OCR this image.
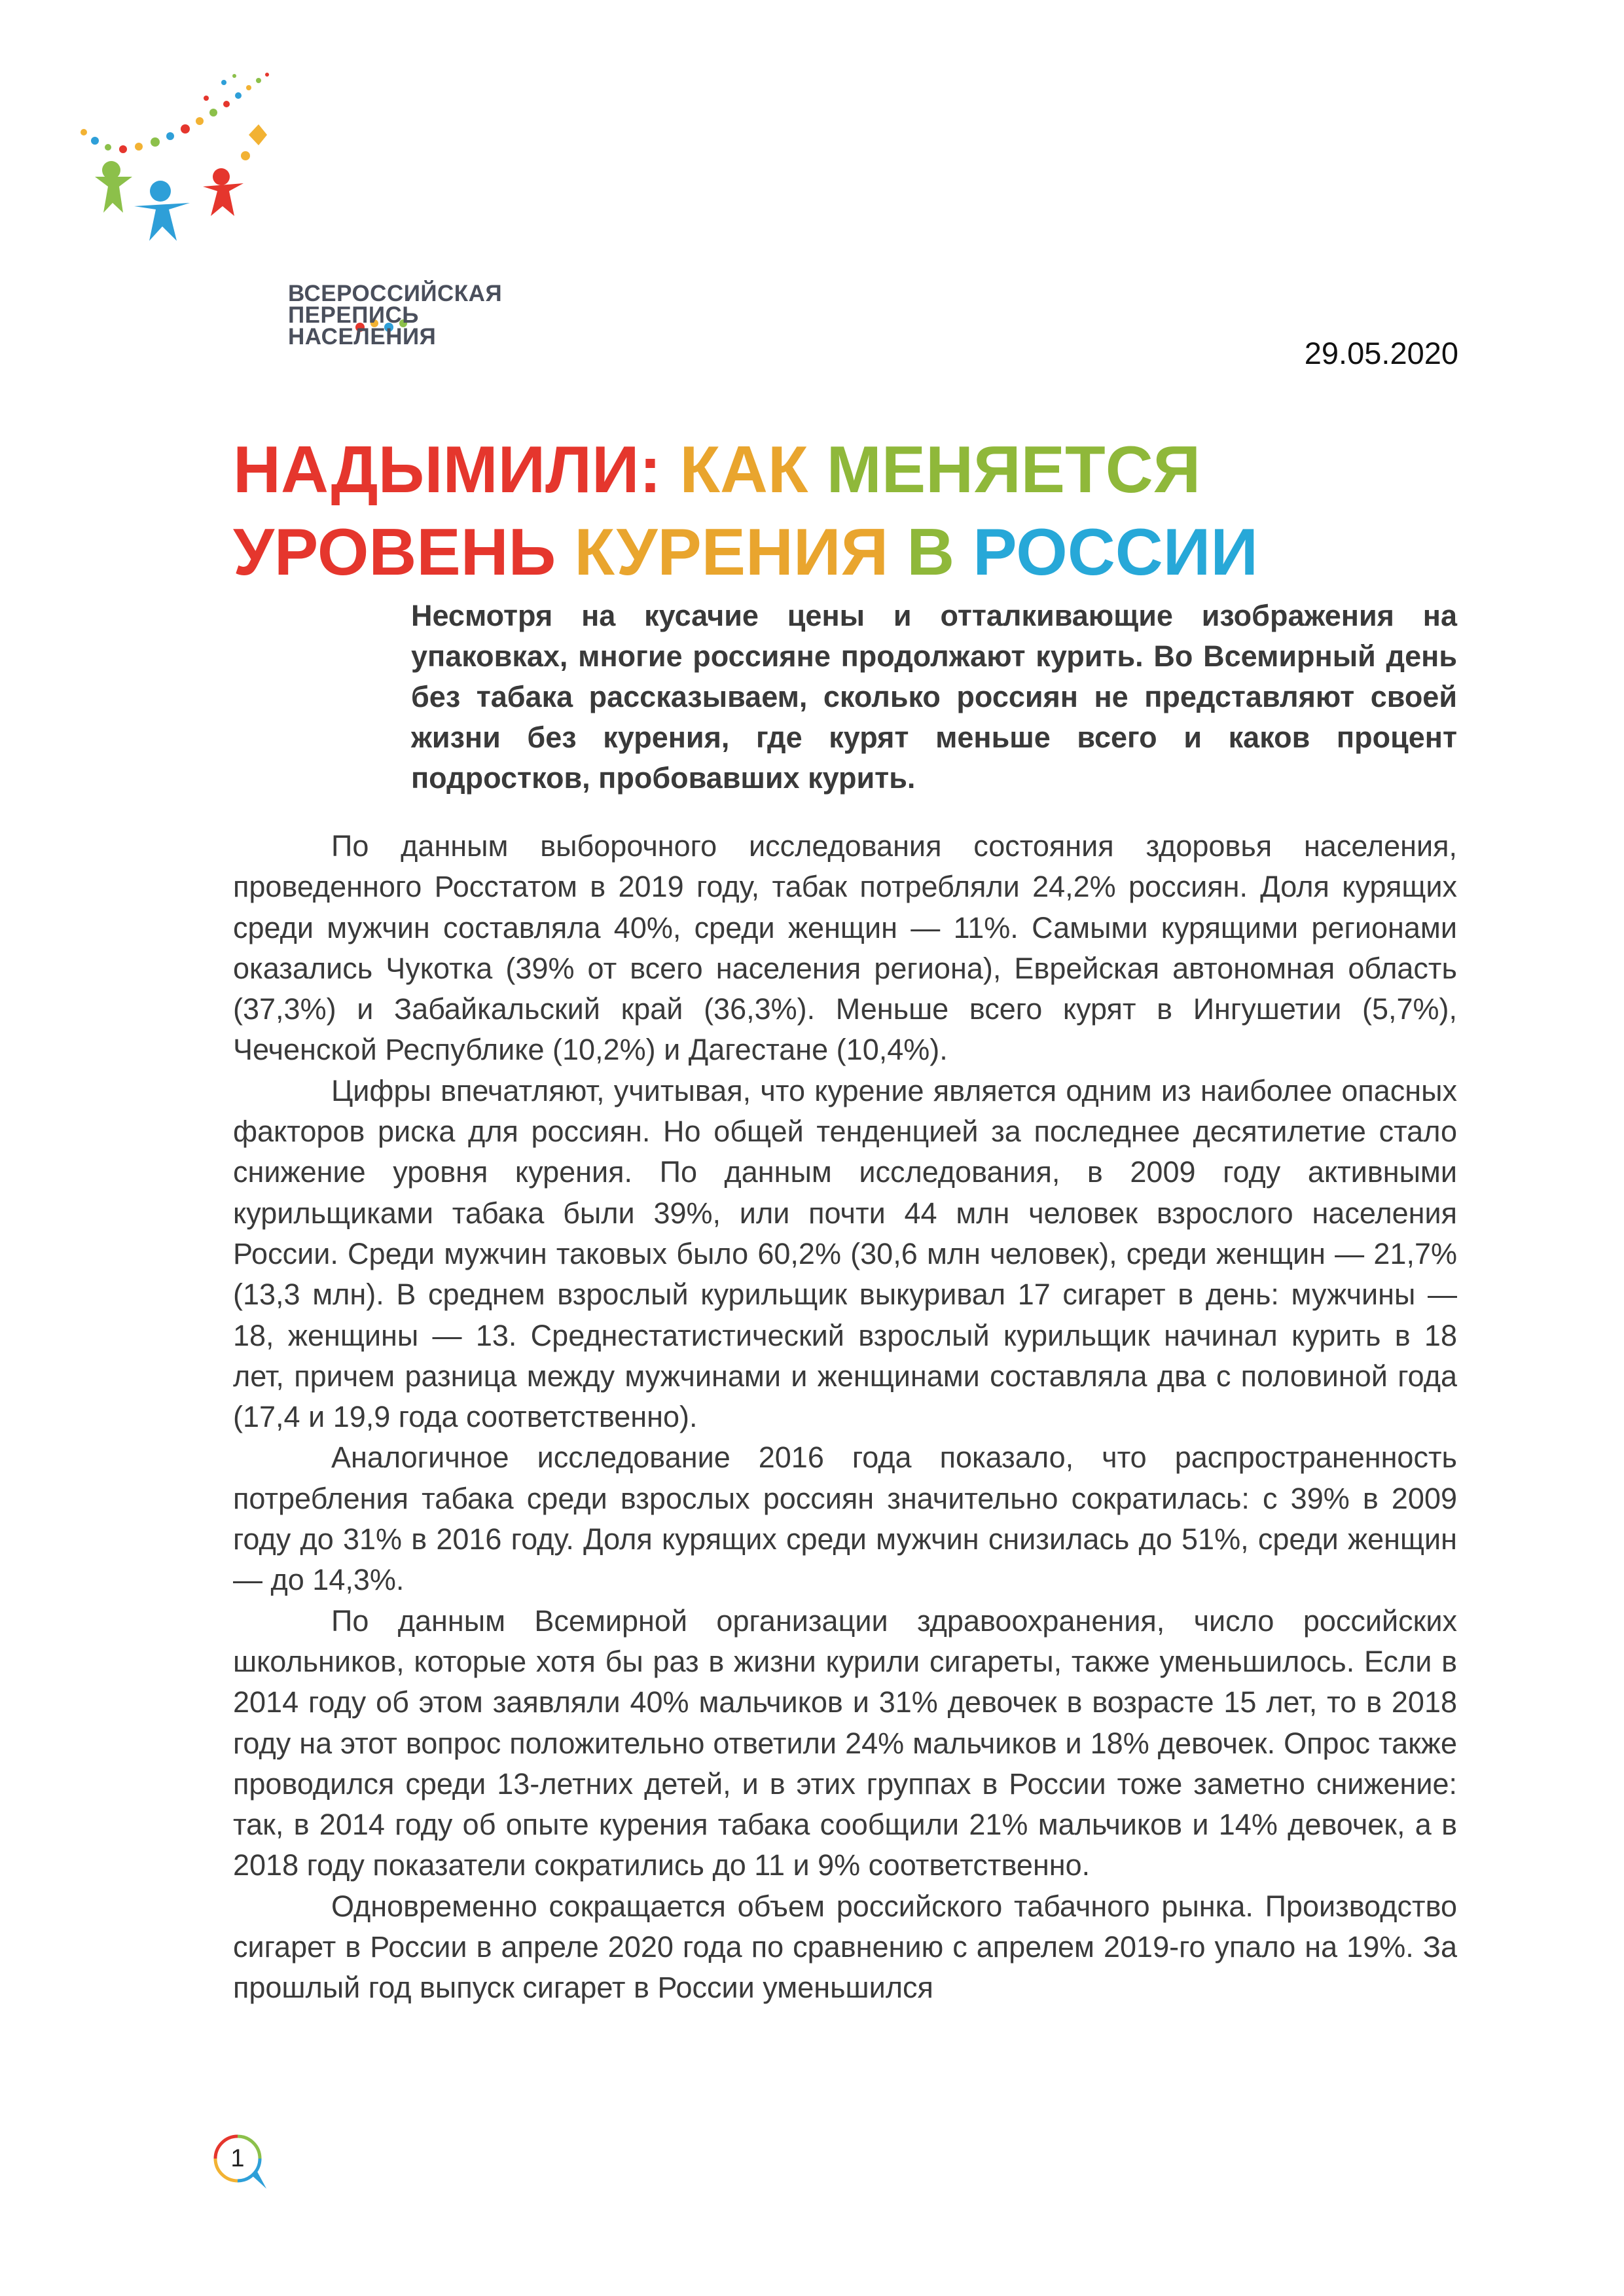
ВСЕРОССИЙСКАЯ
ПЕРЕПИСЬ
НАСЕЛЕНИЯ	29.05.2020
НАДЫМИЛИ: КАК МЕНЯЕТСЯ
УРОВЕНЬ КУРЕНИЯ В РОССИИ

Несмотря на кусачие цены и отталкивающие изображения на упаковках, многие россияне продолжают курить. Во Всемирный день без табака рассказываем, сколько россиян не представляют своей жизни без курения, где курят меньше всего и каков процент подростков, пробовавших курить.

По данным выборочного исследования состояния здоровья населения, проведенного Росстатом в 2019 году, табак потребляли 24,2% россиян. Доля курящих среди мужчин составляла 40%, среди женщин — 11%. Самыми курящими регионами оказались Чукотка (39% от всего населения региона), Еврейская автономная область (37,3%) и Забайкальский край (36,3%). Меньше всего курят в Ингушетии (5,7%), Чеченской Республике (10,2%) и Дагестане (10,4%).

Цифры впечатляют, учитывая, что курение является одним из наиболее опасных факторов риска для россиян. Но общей тенденцией за последнее десятилетие стало снижение уровня курения. По данным исследования, в 2009 году активными курильщиками табака были 39%, или почти 44 млн человек взрослого населения России. Среди мужчин таковых было 60,2% (30,6 млн человек), среди женщин — 21,7% (13,3 млн). В среднем взрослый курильщик выкуривал 17 сигарет в день: мужчины — 18, женщины — 13. Среднестатистический взрослый курильщик начинал курить в 18 лет, причем разница между мужчинами и женщинами составляла два с половиной года (17,4 и 19,9 года соответственно).

Аналогичное исследование 2016 года показало, что распространенность потребления табака среди взрослых россиян значительно сократилась: с 39% в 2009 году до 31% в 2016 году. Доля курящих среди мужчин снизилась до 51%, среди женщин — до 14,3%.

По данным Всемирной организации здравоохранения, число российских школьников, которые хотя бы раз в жизни курили сигареты, также уменьшилось. Если в 2014 году об этом заявляли 40% мальчиков и 31% девочек в возрасте 15 лет, то в 2018 году на этот вопрос положительно ответили 24% мальчиков и 18% девочек. Опрос также проводился среди 13-летних детей, и в этих группах в России тоже заметно снижение: так, в 2014 году об опыте курения табака сообщили 21% мальчиков и 14% девочек, а в 2018 году показатели сократились до 11 и 9% соответственно.

Одновременно сокращается объем российского табачного рынка. Производство сигарет в России в апреле 2020 года по сравнению с апрелем 2019-го упало на 19%. За прошлый год выпуск сигарет в России уменьшился

1
